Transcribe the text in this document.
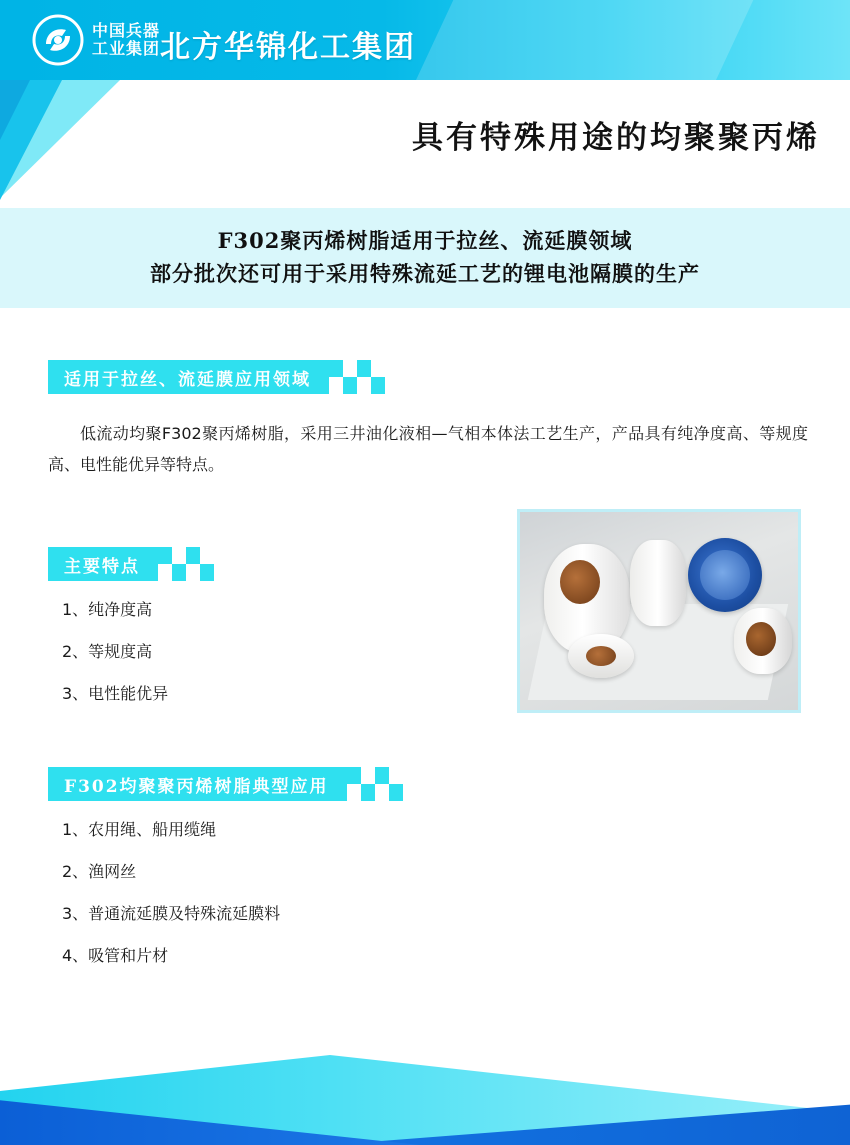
中国兵器
工业集团 北方华锦化工集团
具有特殊用途的均聚聚丙烯
F302聚丙烯树脂适用于拉丝、流延膜领域
部分批次还可用于采用特殊流延工艺的锂电池隔膜的生产
适用于拉丝、流延膜应用领域
低流动均聚F302聚丙烯树脂，采用三井油化液相—气相本体法工艺生产，产品具有纯净度高、等规度高、电性能优异等特点。
主要特点
1、纯净度高
2、等规度高
3、电性能优异
F302均聚聚丙烯树脂典型应用
1、农用绳、船用缆绳
2、渔网丝
3、普通流延膜及特殊流延膜料
4、吸管和片材
